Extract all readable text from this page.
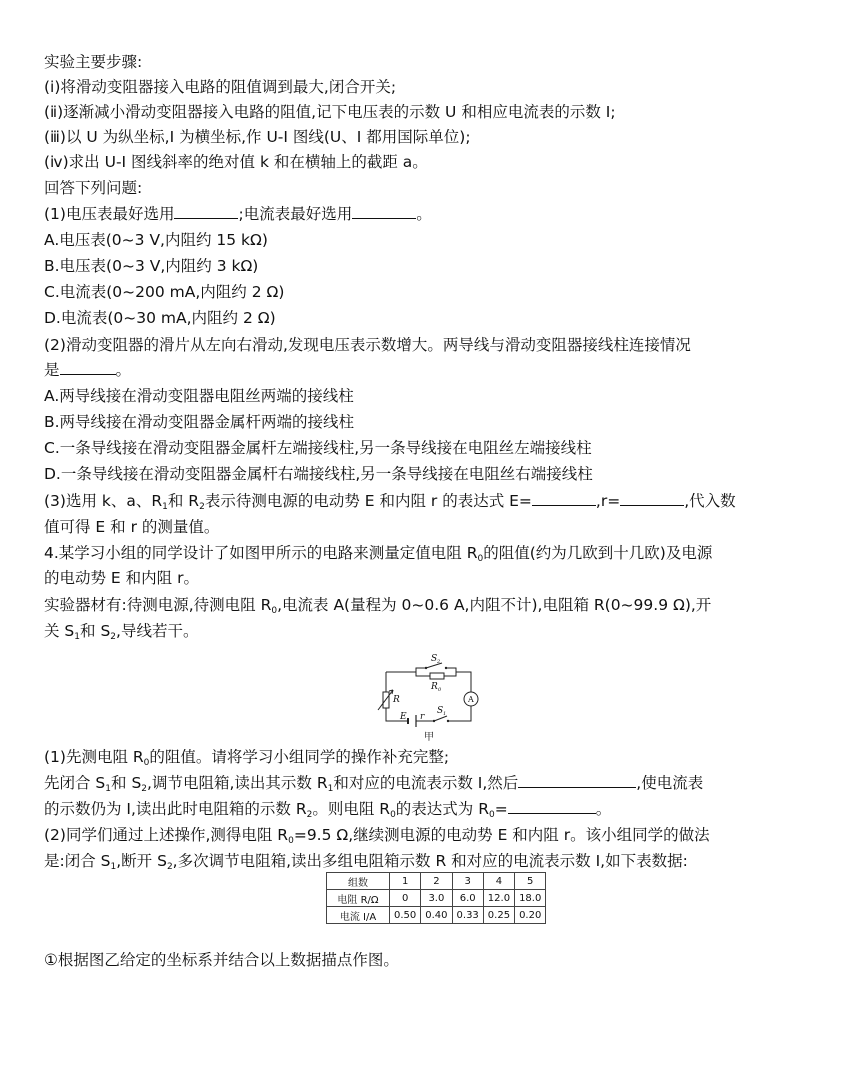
实验主要步骤:
(ⅰ)将滑动变阻器接入电路的阻值调到最大,闭合开关;
(ⅱ)逐渐减小滑动变阻器接入电路的阻值,记下电压表的示数 U 和相应电流表的示数 I;
(ⅲ)以 U 为纵坐标,I 为横坐标,作 U-I 图线(U、I 都用国际单位);
(ⅳ)求出 U-I 图线斜率的绝对值 k 和在横轴上的截距 a。
回答下列问题:
(1)电压表最好选用	;电流表最好选用	。
A.电压表(0~3 V,内阻约 15 kΩ)
B.电压表(0~3 V,内阻约 3 kΩ)
C.电流表(0~200 mA,内阻约 2 Ω)
D.电流表(0~30 mA,内阻约 2 Ω)
(2)滑动变阻器的滑片从左向右滑动,发现电压表示数增大。两导线与滑动变阻器接线柱连接情况
是	。
A.两导线接在滑动变阻器电阻丝两端的接线柱
B.两导线接在滑动变阻器金属杆两端的接线柱
C.一条导线接在滑动变阻器金属杆左端接线柱,另一条导线接在电阻丝左端接线柱
D.一条导线接在滑动变阻器金属杆右端接线柱,另一条导线接在电阻丝右端接线柱
(3)选用 k、a、$R_1$和 $R_2$表示待测电源的电动势 E 和内阻 r 的表达式 E=	,r=	,代入数
值可得 E 和 r 的测量值。
4.某学习小组的同学设计了如图甲所示的电路来测量定值电阻 $R_0$的阻值(约为几欧到十几欧)及电源
的电动势 E 和内阻 r。
实验器材有:待测电源,待测电阻 $R_0$,电流表 A(量程为 0~0.6 A,内阻不计),电阻箱 R(0~99.9 Ω),开
关 $S_1$和 $S_2$,导线若干。
S 2
R 0
R
E r
S 1
A
甲
(1)先测电阻 $R_0$的阻值。请将学习小组同学的操作补充完整;
先闭合 $S_1$和 $S_2$,调节电阻箱,读出其示数 $R_1$和对应的电流表示数 I,然后	,使电流表
的示数仍为 I,读出此时电阻箱的示数 $R_2$。则电阻 $R_0$的表达式为 $R_0=$	。
(2)同学们通过上述操作,测得电阻 $R_0=9.5$ Ω,继续测电源的电动势 E 和内阻 r。该小组同学的做法
是:闭合 $S_1$,断开 $S_2$,多次调节电阻箱,读出多组电阻箱示数 R 和对应的电流表示数 I,如下表数据:
组数	1	2	3	4	5
电阻 R/Ω	0	3.0	6.0	12.0	18.0
电流 I/A	0.50	0.40	0.33	0.25	0.20
①根据图乙给定的坐标系并结合以上数据描点作图。
